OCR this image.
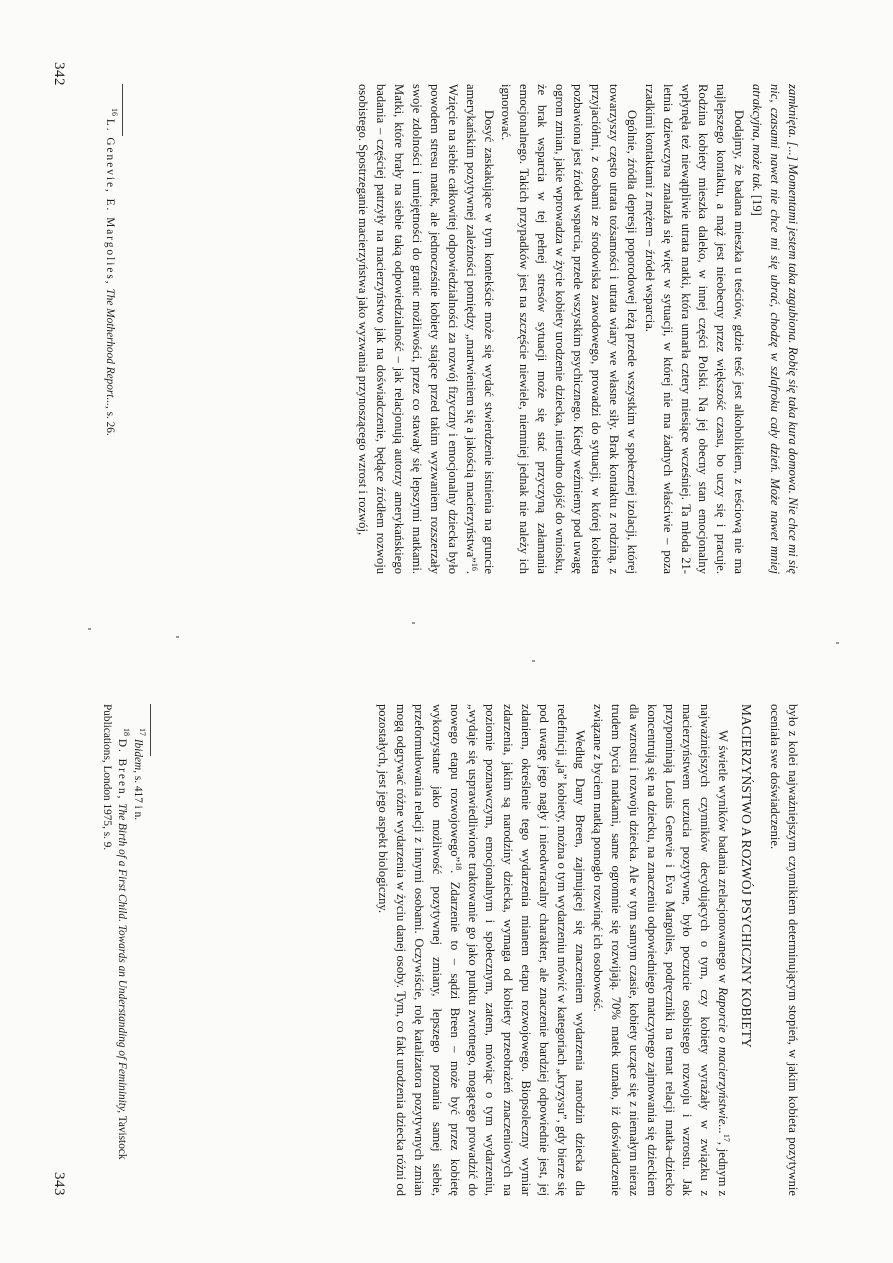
zamknięta. [...] Momentami jestem taka zagubiona. Robię się taka kura domowa. Nie chce mi się nic, czasami nawet nie chce mi się ubrać, chodzę w szlafroku cały dzień. Może nawet mniej atrakcyjna, może tak. [19]

Dodajmy, że badana mieszka u teściów, gdzie teść jest alkoholikiem, z teściową nie ma najlepszego kontaktu, a mąż jest nieobecny przez większość czasu, bo uczy się i pracuje. Rodzina kobiety mieszka daleko, w innej części Polski. Na jej obecny stan emocjonalny wpłynęła też niewątpliwie utrata matki, która umarła cztery miesiące wcześniej. Ta młoda 21-letnia dziewczyna znalazła się więc w sytuacji, w której nie ma żadnych właściwie – poza rzadkimi kontaktami z mężem – źródeł wsparcia.

Ogólnie, źródła depresji poporodowej leżą przede wszystkim w społecznej izolacji, której towarzyszy często utrata tożsamości i utrata wiary we własne siły. Brak kontaktu z rodziną, z przyjaciółmi, z osobami ze środowiska zawodowego, prowadzi do sytuacji, w której kobieta pozbawiona jest źródeł wsparcia, przede wszystkim psychicznego. Kiedy weźmiemy pod uwagę ogrom zmian, jakie wprowadza w życie kobiety urodzenie dziecka, nietrudno dojść do wniosku, że brak wsparcia w tej pełnej stresów sytuacji może się stać przyczyną załamania emocjonalnego. Takich przypadków jest na szczęście niewiele, niemniej jednak nie należy ich ignorować.

Dosyć zaskakujące w tym kontekście może się wydać stwierdzenie istnienia na gruncie amerykańskim pozytywnej zależności pomiędzy „martwieniem się a jakością macierzyństwa”$^{16}$. Wzięcie na siebie całkowitej odpowiedzialności za rozwój fizyczny i emocjonalny dziecka było powodem stresu matek, ale jednocześnie kobiety stające przed takim wyzwaniem rozszerzały swoje zdolności i umiejętności do granic możliwości, przez co stawały się lepszymi matkami. Matki, które brały na siebie taką odpowiedzialność – jak relacjonują autorzy amerykańskiego badania – częściej patrzyły na macierzyństwo jak na doświadczenie, będące źródłem rozwoju osobistego. Spostrzeganie macierzyństwa jako wyzwania przynoszącego wzrost i rozwój,

$^{16}$ L. Genevie, E. Margolies, The Motherhood Report..., s. 26.

342

było z kolei najważniejszym czynnikiem determinującym stopień, w jakim kobieta pozytywnie oceniała swe doświadczenie.

MACIERZYŃSTWO A ROZWÓJ PSYCHICZNY KOBIETY

W świetle wyników badania zrelacjonowanego w Raporcie o macierzyństwie...$^{17}$, jednym z najważniejszych czynników decydujących o tym, czy kobiety wyrażały w związku z macierzyństwem uczucia pozytywne, było poczucie osobistego rozwoju i wzrostu. Jak przypominają Louis Genevie i Eva Margolies, podręczniki na temat relacji matka–dziecko koncentrują się na dziecku, na znaczeniu odpowiedniego matczynego zajmowania się dzieckiem dla wzrostu i rozwoju dziecka. Ale w tym samym czasie, kobiety uczące się z niemałym nieraz trudem bycia matkami, same ogromnie się rozwijają. 70% matek uznało, iż doświadczenie związane z byciem matką pomogło rozwinąć ich osobowość.

Według Dany Breen, zajmującej się znaczeniem wydarzenia narodzin dziecka dla redefinicji „ja” kobiety, można o tym wydarzeniu mówić w kategoriach „kryzysu”, gdy bierze się pod uwagę jego nagły i nieodwracalny charakter, ale znaczenie bardziej odpowiednie jest, jej zdaniem, określenie tego wydarzenia mianem etapu rozwojowego. Biopsoleczny wymiar zdarzenia, jakim są narodziny dziecka, wymaga od kobiety przeobrażeń znaczeniowych na poziomie poznawczym, emocjonalnym i społecznym, zatem, mówiąc o tym wydarzeniu, „wydaje się usprawiedliwione traktowanie go jako punktu zwrotnego, mogącego prowadzić do nowego etapu rozwojowego”$^{18}$. Zdarzenie to – sądzi Breen – może być przez kobietę wykorzystane jako możliwość pozytywnej zmiany, lepszego poznania samej siebie, przeformułowania relacji z innymi osobami. Oczywiście, rolę katalizatora pozytywnych zmian mogą odgrywać różne wydarzenia w życiu danej osoby. Tym, co fakt urodzenia dziecka różni od pozostałych, jest jego aspekt biologiczny.

$^{17}$ Ibidem, s. 417 i n.

$^{18}$ D. Breen, The Birth of a First Child. Towards an Understanding of Femininity, Tavistock Publications, London 1975, s. 9.

343
